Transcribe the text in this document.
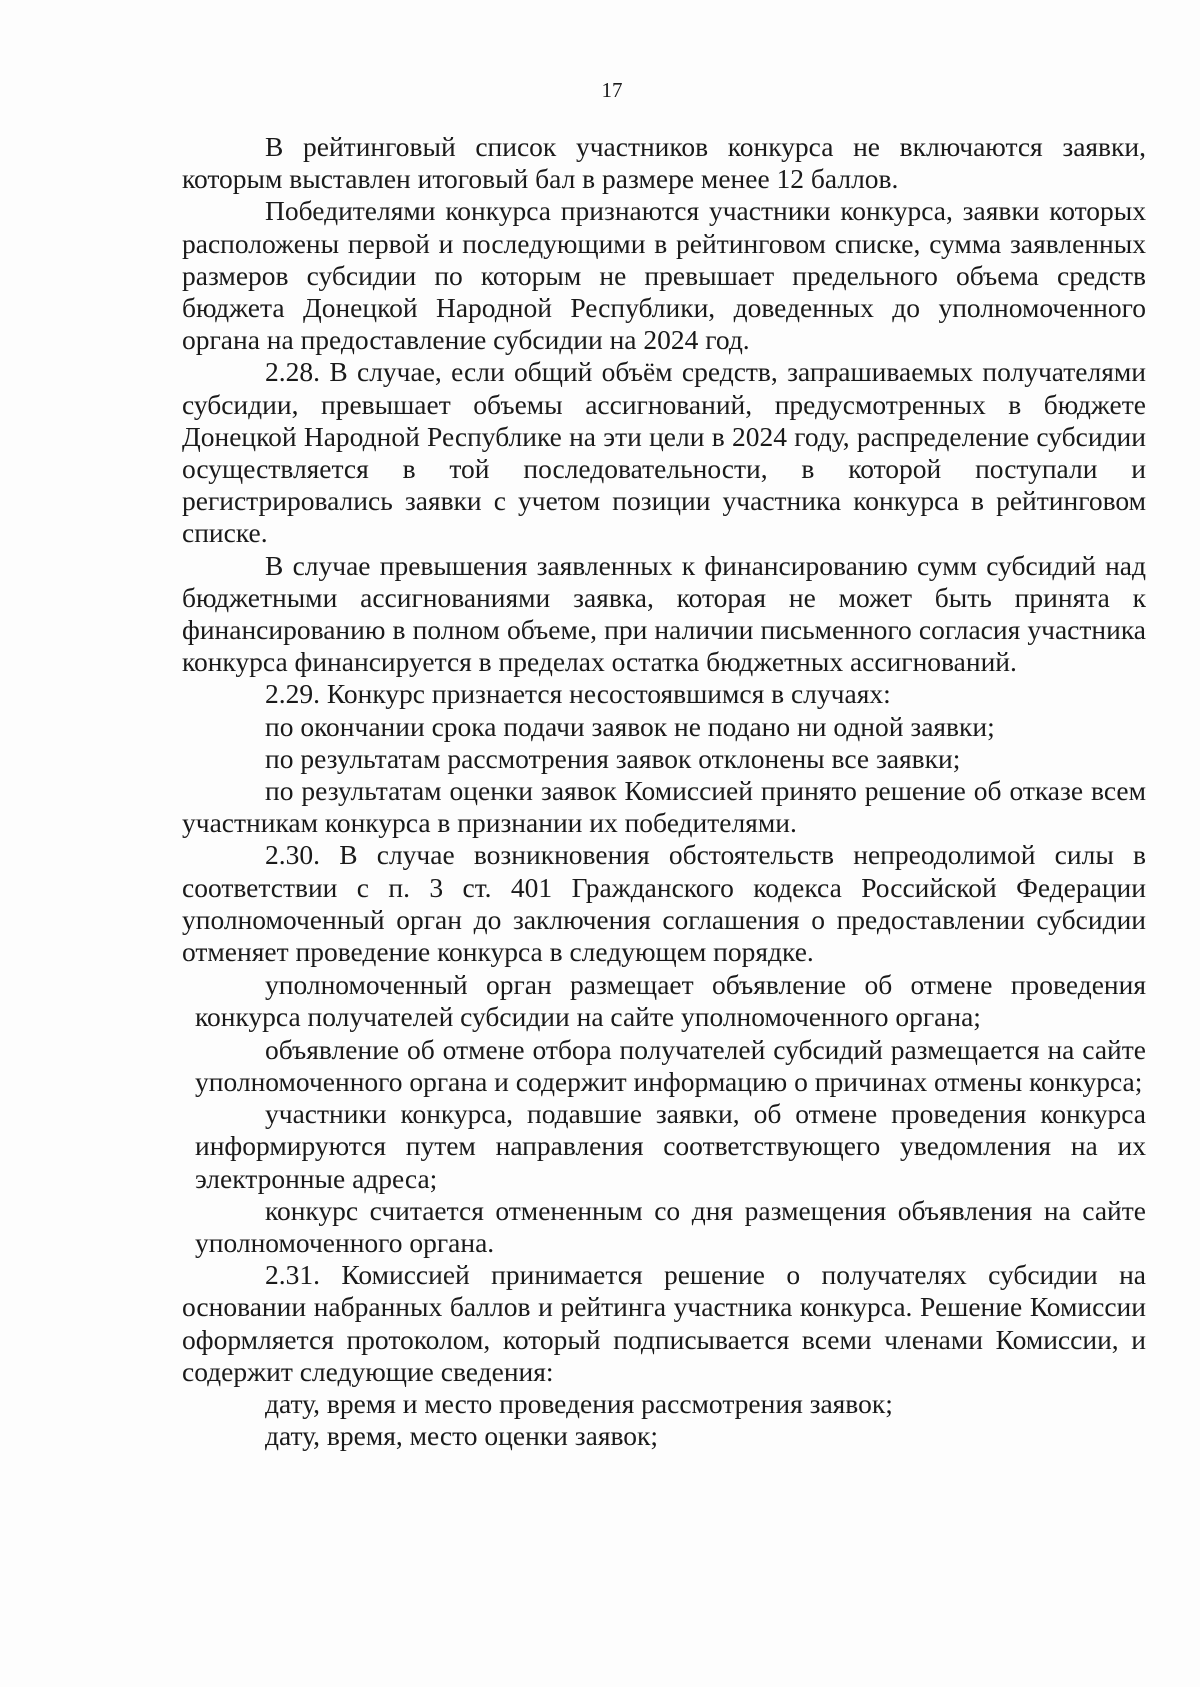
17

В рейтинговый список участников конкурса не включаются заявки, которым выставлен итоговый бал в размере менее 12 баллов.

Победителями конкурса признаются участники конкурса, заявки которых расположены первой и последующими в рейтинговом списке, сумма заявленных размеров субсидии по которым не превышает предельного объема средств бюджета Донецкой Народной Республики, доведенных до уполномоченного органа на предоставление субсидии на 2024 год.

2.28. В случае, если общий объём средств, запрашиваемых получателями субсидии, превышает объемы ассигнований, предусмотренных в бюджете Донецкой Народной Республике на эти цели в 2024 году, распределение субсидии осуществляется в той последовательности, в которой поступали и регистрировались заявки с учетом позиции участника конкурса в рейтинговом списке.

В случае превышения заявленных к финансированию сумм субсидий над бюджетными ассигнованиями заявка, которая не может быть принята к финансированию в полном объеме, при наличии письменного согласия участника конкурса финансируется в пределах остатка бюджетных ассигнований.

2.29. Конкурс признается несостоявшимся в случаях:

по окончании срока подачи заявок не подано ни одной заявки;

по результатам рассмотрения заявок отклонены все заявки;

по результатам оценки заявок Комиссией принято решение об отказе всем участникам конкурса в признании их победителями.

2.30. В случае возникновения обстоятельств непреодолимой силы в соответствии с п. 3 ст. 401 Гражданского кодекса Российской Федерации уполномоченный орган до заключения соглашения о предоставлении субсидии отменяет проведение конкурса в следующем порядке.

уполномоченный орган размещает объявление об отмене проведения конкурса получателей субсидии на сайте уполномоченного органа;

объявление об отмене отбора получателей субсидий размещается на сайте уполномоченного органа и содержит информацию о причинах отмены конкурса;

участники конкурса, подавшие заявки, об отмене проведения конкурса информируются путем направления соответствующего уведомления на их электронные адреса;

конкурс считается отмененным со дня размещения объявления на сайте уполномоченного органа.

2.31. Комиссией принимается решение о получателях субсидии на основании набранных баллов и рейтинга участника конкурса. Решение Комиссии оформляется протоколом, который подписывается всеми членами Комиссии, и содержит следующие сведения:

дату, время и место проведения рассмотрения заявок;

дату, время, место оценки заявок;
